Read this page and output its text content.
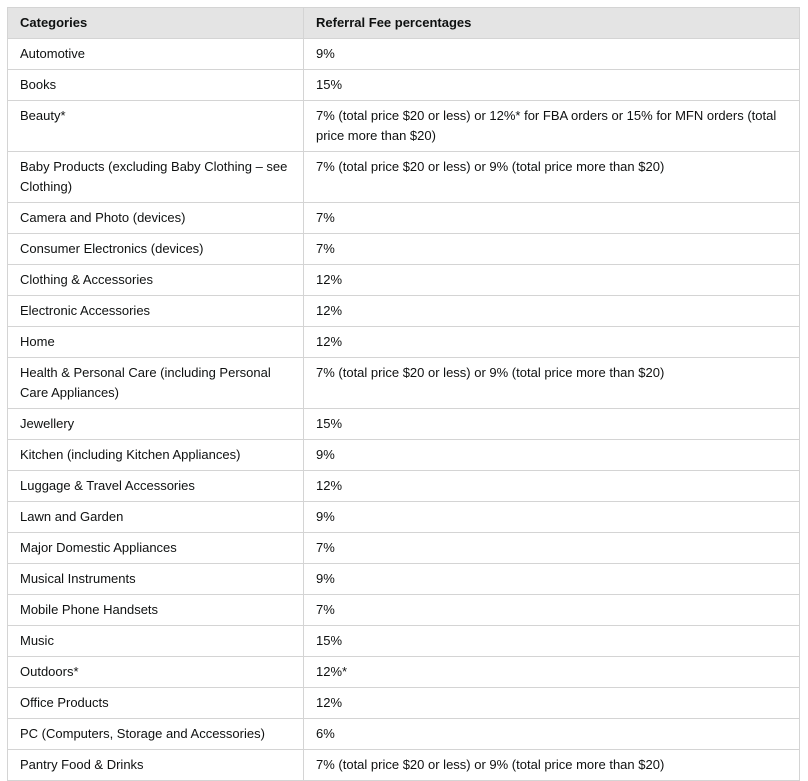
Categories	Referral Fee percentages
Automotive	9%
Books	15%
Beauty*	7% (total price $20 or less) or 12%* for FBA orders or 15% for MFN orders (total price more than $20)
Baby Products (excluding Baby Clothing – see Clothing)	7% (total price $20 or less) or 9% (total price more than $20)
Camera and Photo (devices)	7%
Consumer Electronics (devices)	7%
Clothing & Accessories	12%
Electronic Accessories	12%
Home	12%
Health & Personal Care (including Personal Care Appliances)	7% (total price $20 or less) or 9% (total price more than $20)
Jewellery	15%
Kitchen (including Kitchen Appliances)	9%
Luggage & Travel Accessories	12%
Lawn and Garden	9%
Major Domestic Appliances	7%
Musical Instruments	9%
Mobile Phone Handsets	7%
Music	15%
Outdoors*	12%*
Office Products	12%
PC (Computers, Storage and Accessories)	6%
Pantry Food & Drinks	7% (total price $20 or less) or 9% (total price more than $20)
